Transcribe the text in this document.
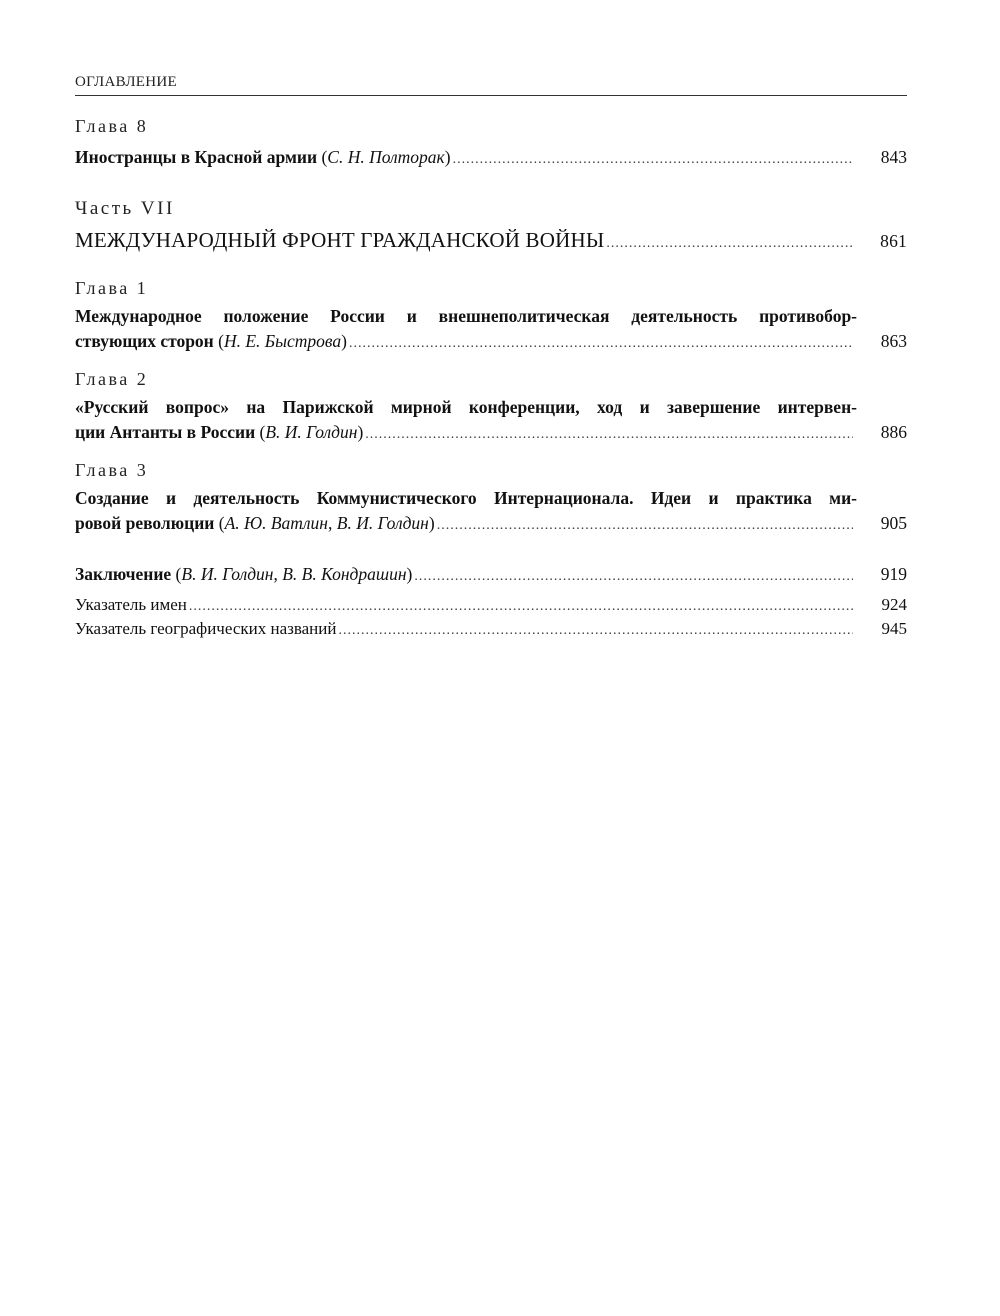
ОГЛАВЛЕНИЕ
Глава 8
Иностранцы в Красной армии (С. Н. Полторак) .....	843
Часть VII
МЕЖДУНАРОДНЫЙ ФРОНТ ГРАЖДАНСКОЙ ВОЙНЫ .....	861
Глава 1
Международное положение России и внешнеполитическая деятельность противобор-
ствующих сторон (Н. Е. Быстрова) .....	863
Глава 2
«Русский вопрос» на Парижской мирной конференции, ход и завершение интервен-
ции Антанты в России (В. И. Голдин) .....	886
Глава 3
Создание и деятельность Коммунистического Интернационала. Идеи и практика ми-
ровой революции (А. Ю. Ватлин, В. И. Голдин) .....	905
Заключение (В. И. Голдин, В. В. Кондрашин) .....	919
Указатель имен .....	924
Указатель географических названий .....	945
